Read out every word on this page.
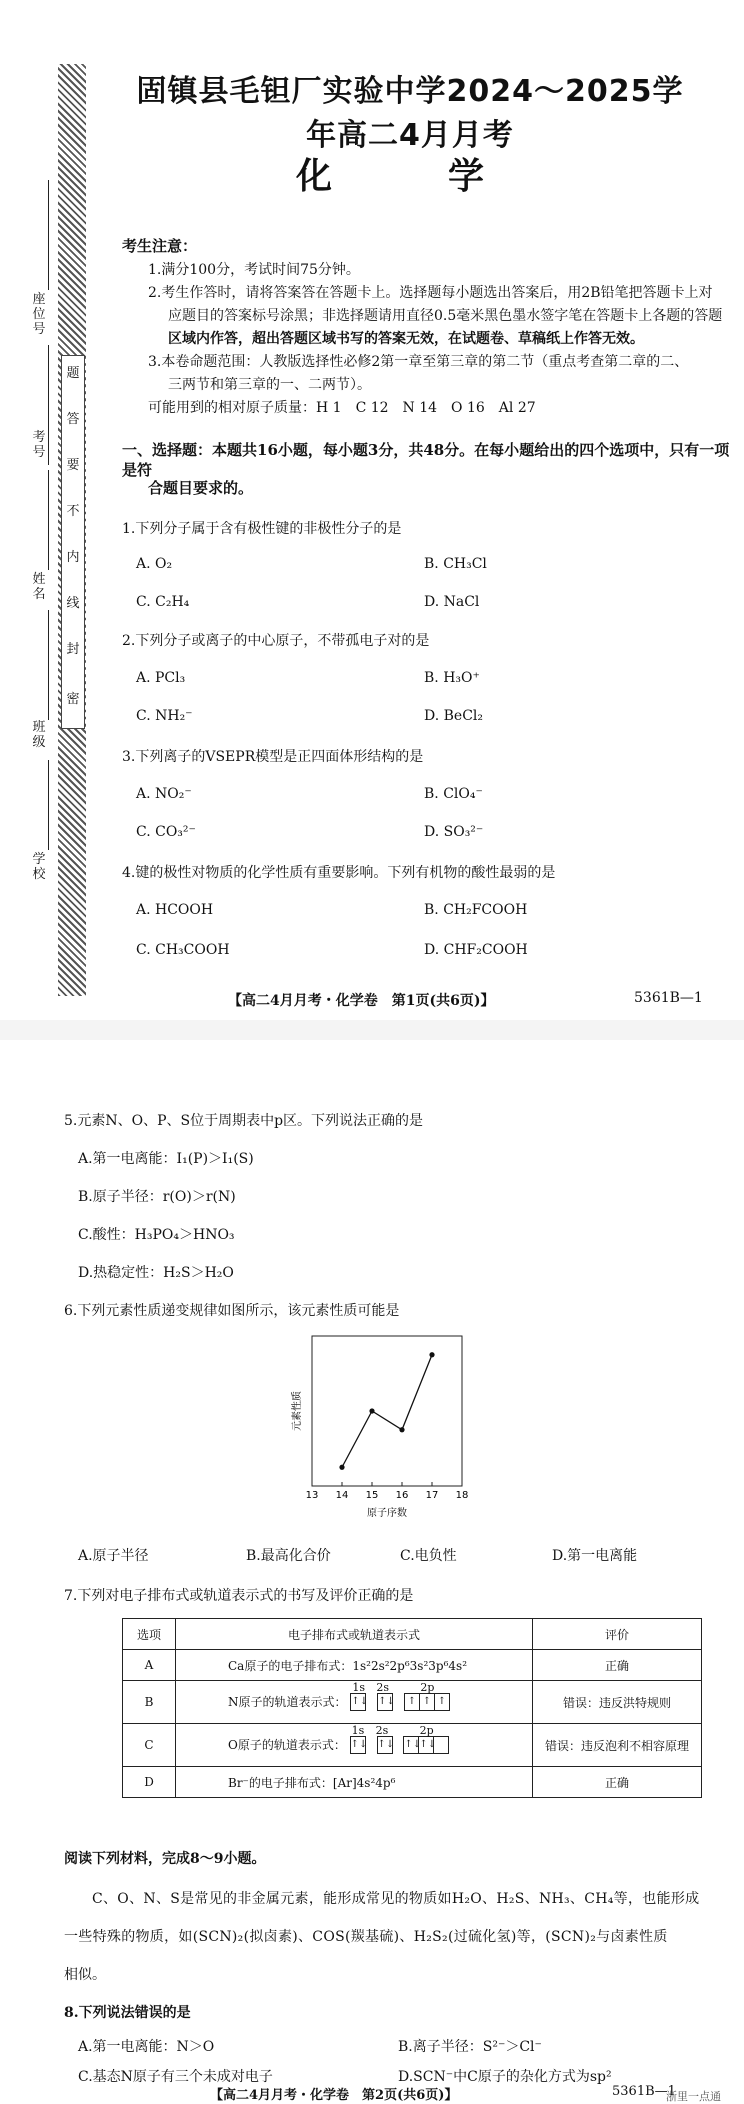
题
答
要
不
内
线
封
密
座位号
考号
姓名
班级
学校
固镇县毛钽厂实验中学2024～2025学年高二4月月考
化　学
考生注意：
1.满分100分，考试时间75分钟。
2.考生作答时，请将答案答在答题卡上。选择题每小题选出答案后，用2B铅笔把答题卡上对
应题目的答案标号涂黑；非选择题请用直径0.5毫米黑色墨水签字笔在答题卡上各题的答题
区域内作答，超出答题区域书写的答案无效，在试题卷、草稿纸上作答无效。
3.本卷命题范围：人教版选择性必修2第一章至第三章的第二节（重点考查第二章的二、
三两节和第三章的一、二两节）。
可能用到的相对原子质量：H 1　C 12　N 14　O 16　Al 27
一、选择题：本题共16小题，每小题3分，共48分。在每小题给出的四个选项中，只有一项是符
合题目要求的。
1.下列分子属于含有极性键的非极性分子的是
A. O₂	B. CH₃Cl
C. C₂H₄	D. NaCl
2.下列分子或离子的中心原子，不带孤电子对的是
A. PCl₃	B. H₃O⁺
C. NH₂⁻	D. BeCl₂
3.下列离子的VSEPR模型是正四面体形结构的是
A. NO₂⁻	B. ClO₄⁻
C. CO₃²⁻	D. SO₃²⁻
4.键的极性对物质的化学性质有重要影响。下列有机物的酸性最弱的是
A. HCOOH	B. CH₂FCOOH
C. CH₃COOH	D. CHF₂COOH
【高二4月月考・化学卷　第1页(共6页)】	5361B—1
5.元素N、O、P、S位于周期表中p区。下列说法正确的是
A.第一电离能：I₁(P)＞I₁(S)
B.原子半径：r(O)＞r(N)
C.酸性：H₃PO₄＞HNO₃
D.热稳定性：H₂S＞H₂O
6.下列元素性质递变规律如图所示，该元素性质可能是
元素性质
13 14 15 16 17 18
原子序数
A.原子半径	B.最高化合价	C.电负性	D.第一电离能
7.下列对电子排布式或轨道表示式的书写及评价正确的是
选项	电子排布式或轨道表示式	评价
A	Ca原子的电子排布式：1s²2s²2p⁶3s²3p⁶4s²	正确
B	N原子的轨道表示式：
1s 2s 2p
↑↓ ↑↓ ↑ ↑ ↑	错误：违反洪特规则
C	O原子的轨道表示式：
1s 2s 2p
↑↓ ↑↓ ↑↓↑↓	错误：违反泡利不相容原理
D	Br⁻的电子排布式：[Ar]4s²4p⁶	正确
阅读下列材料，完成8～9小题。
C、O、N、S是常见的非金属元素，能形成常见的物质如H₂O、H₂S、NH₃、CH₄等，也能形成
一些特殊的物质，如(SCN)₂(拟卤素)、COS(羰基硫)、H₂S₂(过硫化氢)等，(SCN)₂与卤素性质
相似。
8.下列说法错误的是
A.第一电离能：N＞O	B.离子半径：S²⁻＞Cl⁻
C.基态N原子有三个未成对电子	D.SCN⁻中C原子的杂化方式为sp²
【高二4月月考・化学卷　第2页(共6页)】	5361B—1
浙里一点通
